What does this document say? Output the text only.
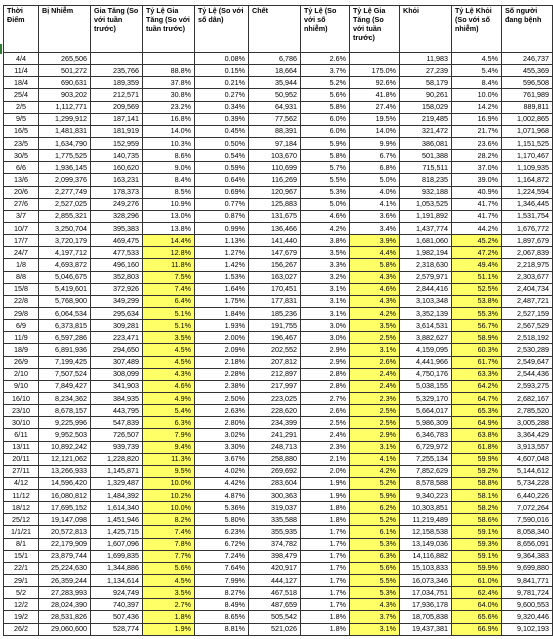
Thời Điểm	Bị Nhiễm	Gia Tăng (So với tuần trước)	Tỷ Lệ Gia Tăng (So với tuần trước)	Tỷ Lệ (So với số dân)	Chết	Tỷ Lệ (So với số nhiễm)	Tỷ Lệ Gia Tăng (So với tuần trước)	Khỏi	Tỷ Lệ Khỏi (So với số nhiễm)	Số người đang bệnh
4/4	265,506			0.08%	6,786	2.6%		11,983	4.5%	246,737
11/4	501,272	235,766	88.8%	0.15%	18,664	3.7%	175.0%	27,239	5.4%	455,369
18/4	690,631	189,359	37.8%	0.21%	35,944	5.2%	92.6%	58,179	8.4%	596,508
25/4	903,202	212,571	30.8%	0.27%	50,952	5.6%	41.8%	90,261	10.0%	761,989
2/5	1,112,771	209,569	23.2%	0.34%	64,931	5.8%	27.4%	158,029	14.2%	889,811
9/5	1,299,912	187,141	16.8%	0.39%	77,562	6.0%	19.5%	219,485	16.9%	1,002,865
16/5	1,481,831	181,919	14.0%	0.45%	88,391	6.0%	14.0%	321,472	21.7%	1,071,968
23/5	1,634,790	152,959	10.3%	0.50%	97,184	5.9%	9.9%	386,081	23.6%	1,151,525
30/5	1,775,525	140,735	8.6%	0.54%	103,670	5.8%	6.7%	501,388	28.2%	1,170,467
6/6	1,936,145	160,620	9.0%	0.59%	110,699	5.7%	6.8%	715,511	37.0%	1,109,935
13/6	2,099,376	163,231	8.4%	0.64%	116,269	5.5%	5.0%	818,235	39.0%	1,164,872
20/6	2,277,749	178,373	8.5%	0.69%	120,967	5.3%	4.0%	932,188	40.9%	1,224,594
27/6	2,527,025	249,276	10.9%	0.77%	125,883	5.0%	4.1%	1,053,525	41.7%	1,346,445
3/7	2,855,321	328,296	13.0%	0.87%	131,675	4.6%	3.6%	1,191,892	41.7%	1,531,754
10/7	3,250,704	395,383	13.8%	0.99%	136,466	4.2%	3.4%	1,437,774	44.2%	1,676,772
17/7	3,720,179	469,475	14.4%	1.13%	141,440	3.8%	3.9%	1,681,060	45.2%	1,897,679
24/7	4,197,712	477,533	12.8%	1.27%	147,679	3.5%	4.4%	1,982,194	47.2%	2,067,839
1/8	4,693,872	496,160	11.8%	1.42%	156,267	3.3%	5.8%	2,318,630	49.4%	2,218,975
8/8	5,046,675	352,803	7.5%	1.53%	163,027	3.2%	4.3%	2,579,971	51.1%	2,303,677
15/8	5,419,601	372,926	7.4%	1.64%	170,451	3.1%	4.6%	2,844,416	52.5%	2,404,734
22/8	5,768,900	349,299	6.4%	1.75%	177,831	3.1%	4.3%	3,103,348	53.8%	2,487,721
29/8	6,064,534	295,634	5.1%	1.84%	185,236	3.1%	4.2%	3,352,139	55.3%	2,527,159
6/9	6,373,815	309,281	5.1%	1.93%	191,755	3.0%	3.5%	3,614,531	56.7%	2,567,529
11/9	6,597,286	223,471	3.5%	2.00%	196,467	3.0%	2.5%	3,882,627	58.9%	2,518,192
18/9	6,891,936	294,650	4.5%	2.09%	202,552	2.9%	3.1%	4,159,095	60.3%	2,530,289
26/9	7,199,425	307,489	4.5%	2.18%	207,812	2.9%	2.6%	4,441,966	61.7%	2,549,647
2/10	7,507,524	308,099	4.3%	2.28%	212,897	2.8%	2.4%	4,750,176	63.3%	2,544,436
9/10	7,849,427	341,903	4.6%	2.38%	217,997	2.8%	2.4%	5,038,155	64.2%	2,593,275
16/10	8,234,362	384,935	4.9%	2.50%	223,025	2.7%	2.3%	5,329,170	64.7%	2,682,167
23/10	8,678,157	443,795	5.4%	2.63%	228,620	2.6%	2.5%	5,664,017	65.3%	2,785,520
30/10	9,225,996	547,839	6.3%	2.80%	234,399	2.5%	2.5%	5,986,309	64.9%	3,005,288
6/11	9,952,503	726,507	7.9%	3.02%	241,291	2.4%	2.9%	6,346,783	63.8%	3,364,429
13/11	10,892,242	939,739	9.4%	3.30%	248,713	2.3%	3.1%	6,729,972	61.8%	3,913,557
20/11	12,121,062	1,228,820	11.3%	3.67%	258,880	2.1%	4.1%	7,255,134	59.9%	4,607,048
27/11	13,266,933	1,145,871	9.5%	4.02%	269,692	2.0%	4.2%	7,852,629	59.2%	5,144,612
4/12	14,596,420	1,329,487	10.0%	4.42%	283,604	1.9%	5.2%	8,578,588	58.8%	5,734,228
11/12	16,080,812	1,484,392	10.2%	4.87%	300,363	1.9%	5.9%	9,340,223	58.1%	6,440,226
18/12	17,695,152	1,614,340	10.0%	5.36%	319,037	1.8%	6.2%	10,303,851	58.2%	7,072,264
25/12	19,147,098	1,451,946	8.2%	5.80%	335,588	1.8%	5.2%	11,219,489	58.6%	7,590,016
1/1/21	20,572,813	1,425,715	7.4%	6.23%	355,935	1.7%	6.1%	12,158,538	59.1%	8,058,340
8/1	22,179,909	1,607,096	7.8%	6.72%	374,782	1.7%	5.3%	13,149,036	59.3%	8,656,091
15/1	23,879,744	1,699,835	7.7%	7.24%	398,479	1.7%	6.3%	14,116,882	59.1%	9,364,383
22/1	25,224,630	1,344,886	5.6%	7.64%	420,917	1.7%	5.6%	15,103,833	59.9%	9,699,880
29/1	26,359,244	1,134,614	4.5%	7.99%	444,127	1.7%	5.5%	16,073,346	61.0%	9,841,771
5/2	27,283,993	924,749	3.5%	8.27%	467,518	1.7%	5.3%	17,034,751	62.4%	9,781,724
12/2	28,024,390	740,397	2.7%	8.49%	487,659	1.7%	4.3%	17,936,178	64.0%	9,600,553
19/2	28,531,826	507,436	1.8%	8.65%	505,542	1.8%	3.7%	18,705,838	65.6%	9,320,446
26/2	29,060,600	528,774	1.9%	8.81%	521,026	1.8%	3.1%	19,437,381	66.9%	9,102,193
